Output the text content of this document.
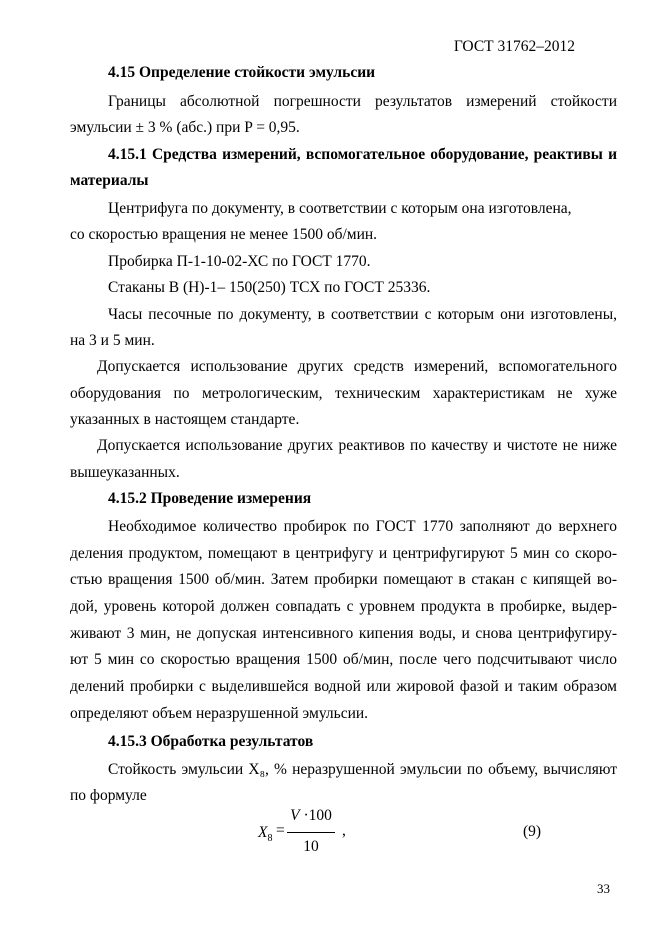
ГОСТ 31762–2012
4.15 Определение стойкости эмульсии
Границы абсолютной погрешности результатов измерений стойкости
эмульсии ± 3 % (абс.) при P = 0,95.
4.15.1 Средства измерений, вспомогательное оборудование, реактивы и
материалы
Центрифуга по документу, в соответствии с которым она изготовлена,
со скоростью вращения не менее 1500 об/мин.
Пробирка П-1-10-02-ХС по ГОСТ 1770.
Стаканы В (Н)-1– 150(250) ТСХ по ГОСТ 25336.
Часы песочные по документу, в соответствии с которым они изготовлены,
на 3 и 5 мин.
Допускается использование других средств измерений, вспомогательного
оборудования по метрологическим, техническим характеристикам не хуже
указанных в настоящем стандарте.
Допускается использование других реактивов по качеству и чистоте не ниже
вышеуказанных.
4.15.2 Проведение измерения
Необходимое количество пробирок по ГОСТ 1770 заполняют до верхнего
деления продуктом, помещают в центрифугу и центрифугируют 5 мин со скоро-
стью вращения 1500 об/мин. Затем пробирки помещают в стакан с кипящей во-
дой, уровень которой должен совпадать с уровнем продукта в пробирке, выдер-
живают 3 мин, не допуская интенсивного кипения воды, и снова центрифугиру-
ют 5 мин со скоростью вращения 1500 об/мин, после чего подсчитывают число
делений пробирки с выделившейся водной или жировой фазой и таким образом
определяют объем неразрушенной эмульсии.
4.15.3 Обработка результатов
Стойкость эмульсии X₈, % неразрушенной эмульсии по объему, вычисляют
по формуле
$X_8$ =
V ·100
10
,	(9)
33
